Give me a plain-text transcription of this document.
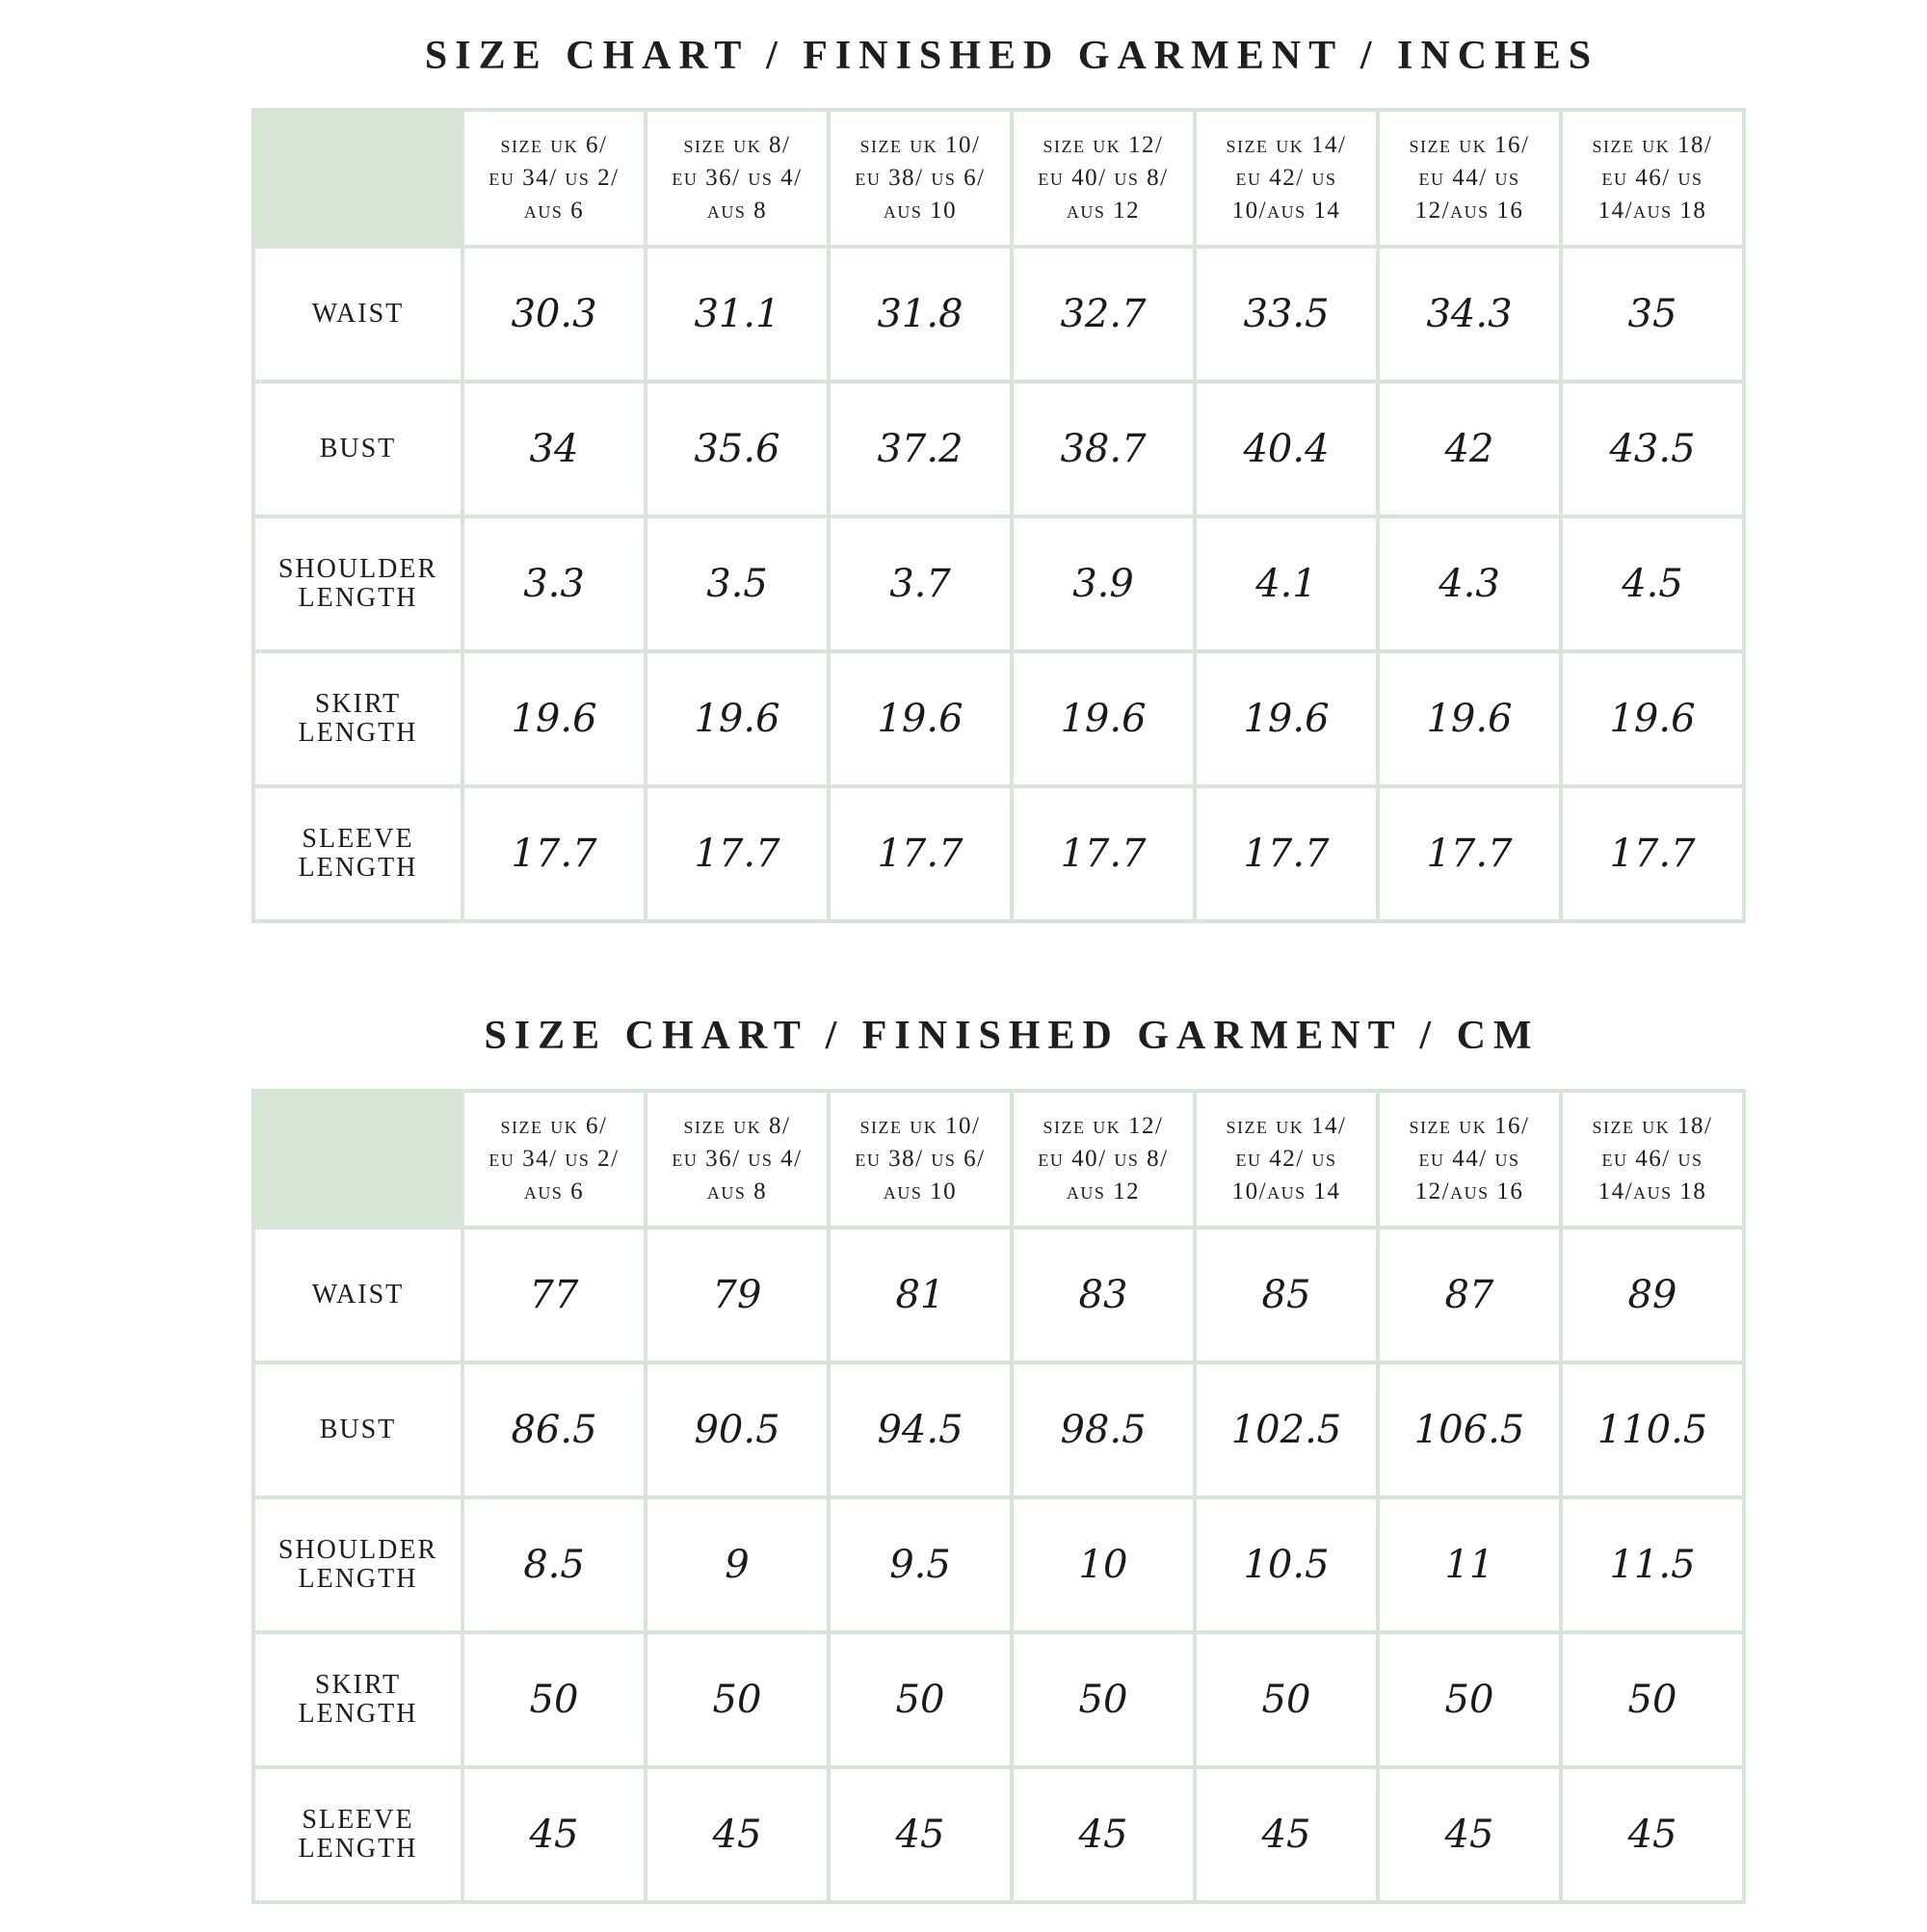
SIZE CHART / FINISHED GARMENT / INCHES
	size uk 6/
eu 34/ us 2/
aus 6	size uk 8/
eu 36/ us 4/
aus 8	size uk 10/
eu 38/ us 6/
aus 10	size uk 12/
eu 40/ us 8/
aus 12	size uk 14/
eu 42/ us
10/aus 14	size uk 16/
eu 44/ us
12/aus 16	size uk 18/
eu 46/ us
14/aus 18
WAIST	30.3	31.1	31.8	32.7	33.5	34.3	35
BUST	34	35.6	37.2	38.7	40.4	42	43.5
SHOULDER
LENGTH	3.3	3.5	3.7	3.9	4.1	4.3	4.5
SKIRT
LENGTH	19.6	19.6	19.6	19.6	19.6	19.6	19.6
SLEEVE
LENGTH	17.7	17.7	17.7	17.7	17.7	17.7	17.7
SIZE CHART / FINISHED GARMENT / CM
	size uk 6/
eu 34/ us 2/
aus 6	size uk 8/
eu 36/ us 4/
aus 8	size uk 10/
eu 38/ us 6/
aus 10	size uk 12/
eu 40/ us 8/
aus 12	size uk 14/
eu 42/ us
10/aus 14	size uk 16/
eu 44/ us
12/aus 16	size uk 18/
eu 46/ us
14/aus 18
WAIST	77	79	81	83	85	87	89
BUST	86.5	90.5	94.5	98.5	102.5	106.5	110.5
SHOULDER
LENGTH	8.5	9	9.5	10	10.5	11	11.5
SKIRT
LENGTH	50	50	50	50	50	50	50
SLEEVE
LENGTH	45	45	45	45	45	45	45
